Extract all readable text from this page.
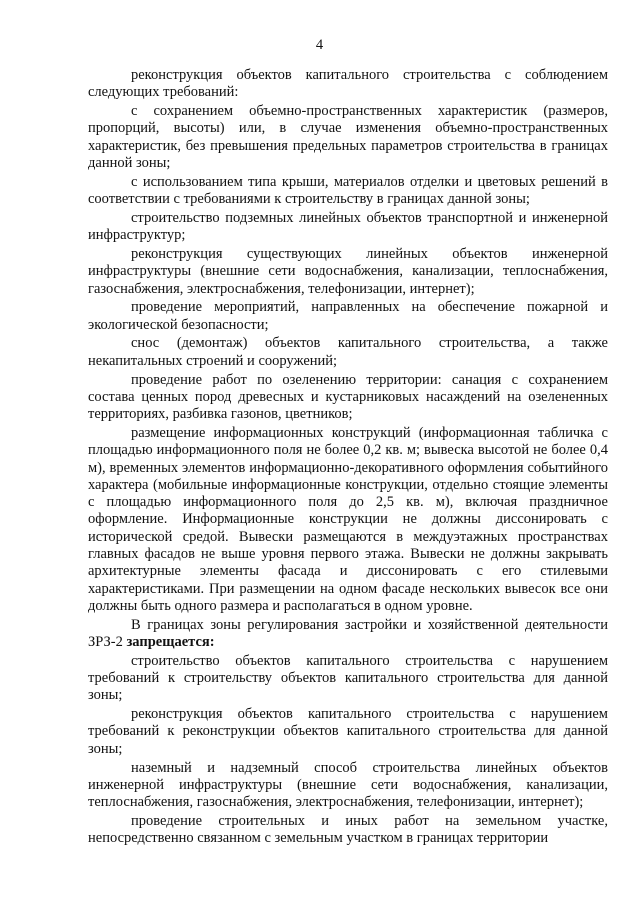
4

реконструкция объектов капитального строительства с соблюдением следующих требований:

с сохранением объемно-пространственных характеристик (размеров, пропорций, высоты) или, в случае изменения объемно-пространственных характеристик, без превышения предельных параметров строительства в границах данной зоны;

с использованием типа крыши, материалов отделки и цветовых решений в соответствии с требованиями к строительству в границах данной зоны;

строительство подземных линейных объектов транспортной и инженерной инфраструктур;

реконструкция существующих линейных объектов инженерной инфраструктуры (внешние сети водоснабжения, канализации, теплоснабжения, газоснабжения, электроснабжения, телефонизации, интернет);

проведение мероприятий, направленных на обеспечение пожарной и экологической безопасности;

снос (демонтаж) объектов капитального строительства, а также некапитальных строений и сооружений;

проведение работ по озеленению территории: санация с сохранением состава ценных пород древесных и кустарниковых насаждений на озелененных территориях, разбивка газонов, цветников;

размещение информационных конструкций (информационная табличка с площадью информационного поля не более 0,2 кв. м; вывеска высотой не более 0,4 м), временных элементов информационно-декоративного оформления событийного характера (мобильные информационные конструкции, отдельно стоящие элементы с площадью информационного поля до 2,5 кв. м), включая праздничное оформление. Информационные конструкции не должны диссонировать с исторической средой. Вывески размещаются в междуэтажных пространствах главных фасадов не выше уровня первого этажа. Вывески не должны закрывать архитектурные элементы фасада и диссонировать с его стилевыми характеристиками. При размещении на одном фасаде нескольких вывесок все они должны быть одного размера и располагаться в одном уровне.

В границах зоны регулирования застройки и хозяйственной деятельности ЗРЗ-2 запрещается:

строительство объектов капитального строительства с нарушением требований к строительству объектов капитального строительства для данной зоны;

реконструкция объектов капитального строительства с нарушением требований к реконструкции объектов капитального строительства для данной зоны;

наземный и надземный способ строительства линейных объектов инженерной инфраструктуры (внешние сети водоснабжения, канализации, теплоснабжения, газоснабжения, электроснабжения, телефонизации, интернет);

проведение строительных и иных работ на земельном участке, непосредственно связанном с земельным участком в границах территории
